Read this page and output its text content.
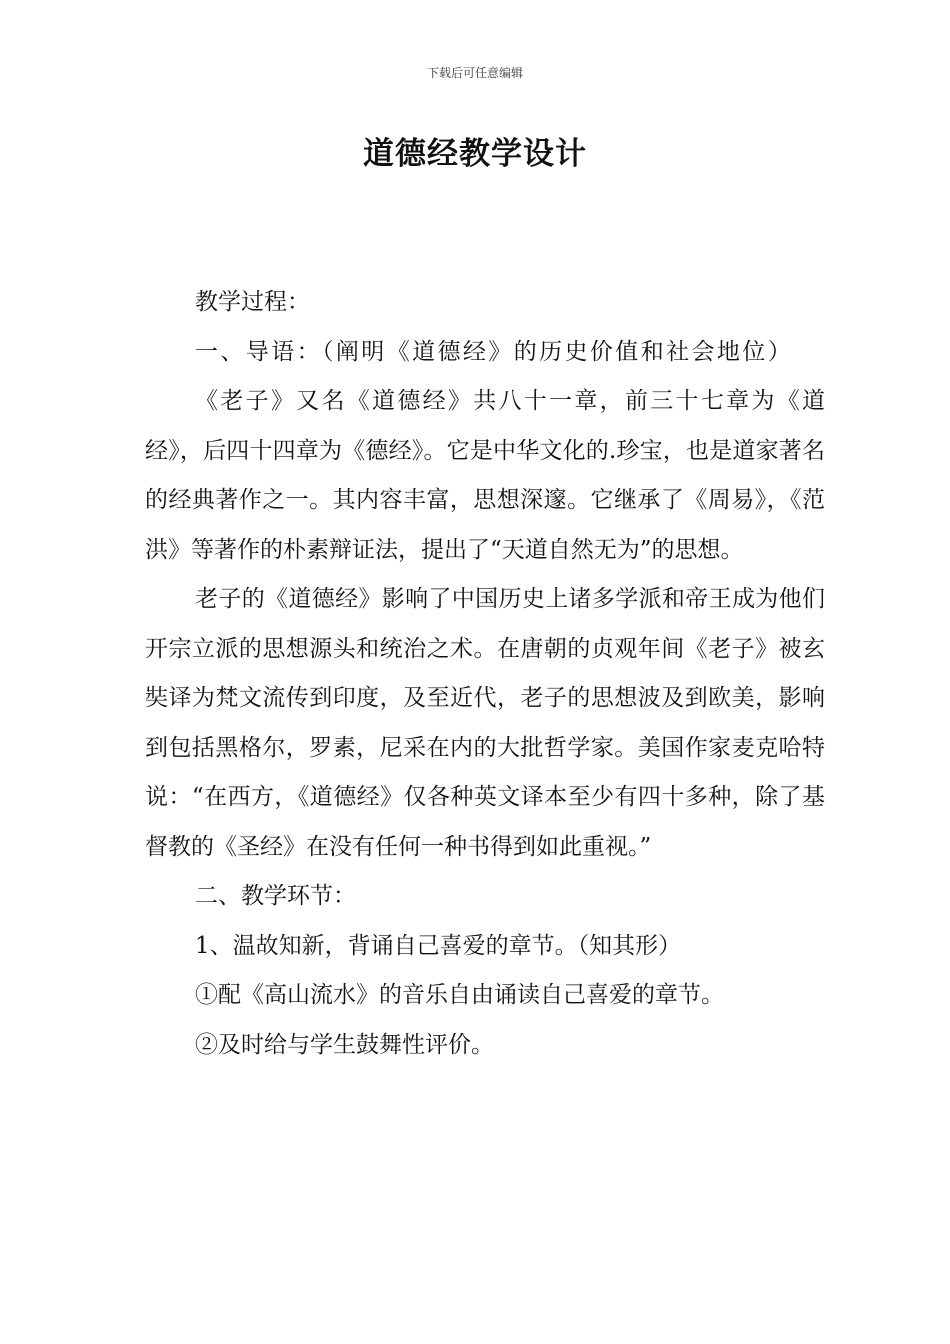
下载后可任意编辑
道德经教学设计

教学过程：

一、导语：（阐明《道德经》的历史价值和社会地位）

《老子》又名《道德经》共八十一章，前三十七章为《道经》，后四十四章为《德经》。它是中华文化的.珍宝，也是道家著名的经典著作之一。其内容丰富，思想深邃。它继承了《周易》，《范洪》等著作的朴素辩证法，提出了“天道自然无为”的思想。

老子的《道德经》影响了中国历史上诸多学派和帝王成为他们开宗立派的思想源头和统治之术。在唐朝的贞观年间《老子》被玄奘译为梵文流传到印度，及至近代，老子的思想波及到欧美，影响到包括黑格尔，罗素，尼采在内的大批哲学家。美国作家麦克哈特说：“在西方，《道德经》仅各种英文译本至少有四十多种，除了基督教的《圣经》在没有任何一种书得到如此重视。”

二、教学环节：

1、温故知新，背诵自己喜爱的章节。（知其形）

①配《高山流水》的音乐自由诵读自己喜爱的章节。

②及时给与学生鼓舞性评价。
